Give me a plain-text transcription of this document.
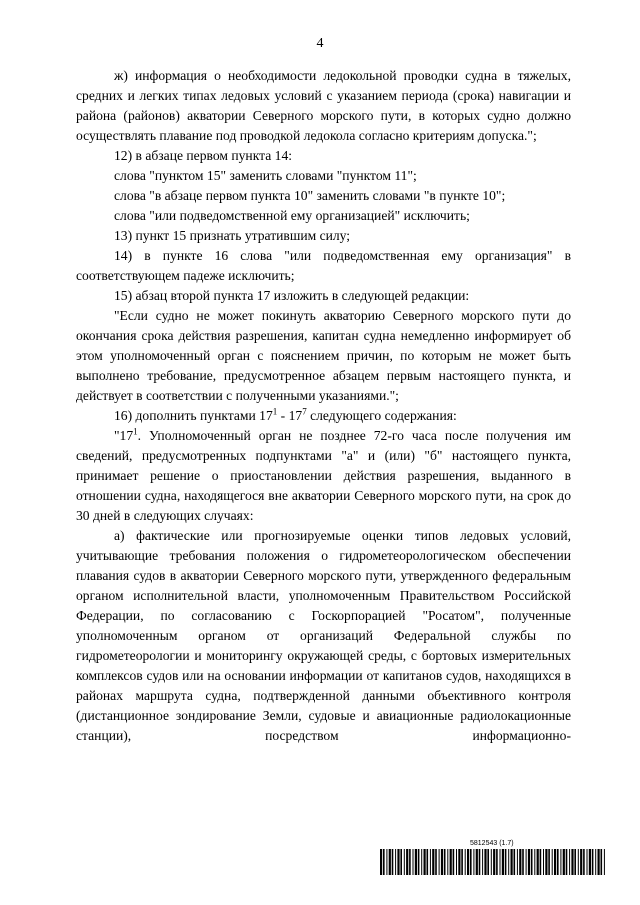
4

ж) информация о необходимости ледокольной проводки судна в тяжелых, средних и легких типах ледовых условий с указанием периода (срока) навигации и района (районов) акватории Северного морского пути, в которых судно должно осуществлять плавание под проводкой ледокола согласно критериям допуска.";

12) в абзаце первом пункта 14:

слова "пунктом 15" заменить словами "пунктом 11";

слова "в абзаце первом пункта 10" заменить словами "в пункте 10";

слова "или подведомственной ему организацией" исключить;

13) пункт 15 признать утратившим силу;

14) в пункте 16 слова "или подведомственная ему организация" в соответствующем падеже исключить;

15) абзац второй пункта 17 изложить в следующей редакции:

"Если судно не может покинуть акваторию Северного морского пути до окончания срока действия разрешения, капитан судна немедленно информирует об этом уполномоченный орган с пояснением причин, по которым не может быть выполнено требование, предусмотренное абзацем первым настоящего пункта, и действует в соответствии с полученными указаниями.";

16) дополнить пунктами $17^1 - 17^7$ следующего содержания:

"$17^1$. Уполномоченный орган не позднее 72-го часа после получения им сведений, предусмотренных подпунктами "а" и (или) "б" настоящего пункта, принимает решение о приостановлении действия разрешения, выданного в отношении судна, находящегося вне акватории Северного морского пути, на срок до 30 дней в следующих случаях:

а) фактические или прогнозируемые оценки типов ледовых условий, учитывающие требования положения о гидрометеорологическом обеспечении плавания судов в акватории Северного морского пути, утвержденного федеральным органом исполнительной власти, уполномоченным Правительством Российской Федерации, по согласованию с Госкорпорацией "Росатом", полученные уполномоченным органом от организаций Федеральной службы по гидрометеорологии и мониторингу окружающей среды, с бортовых измерительных комплексов судов или на основании информации от капитанов судов, находящихся в районах маршрута судна, подтвержденной данными объективного контроля (дистанционное зондирование Земли, судовые и авиационные радиолокационные станции), посредством информационно-

5812543 (1.7)
